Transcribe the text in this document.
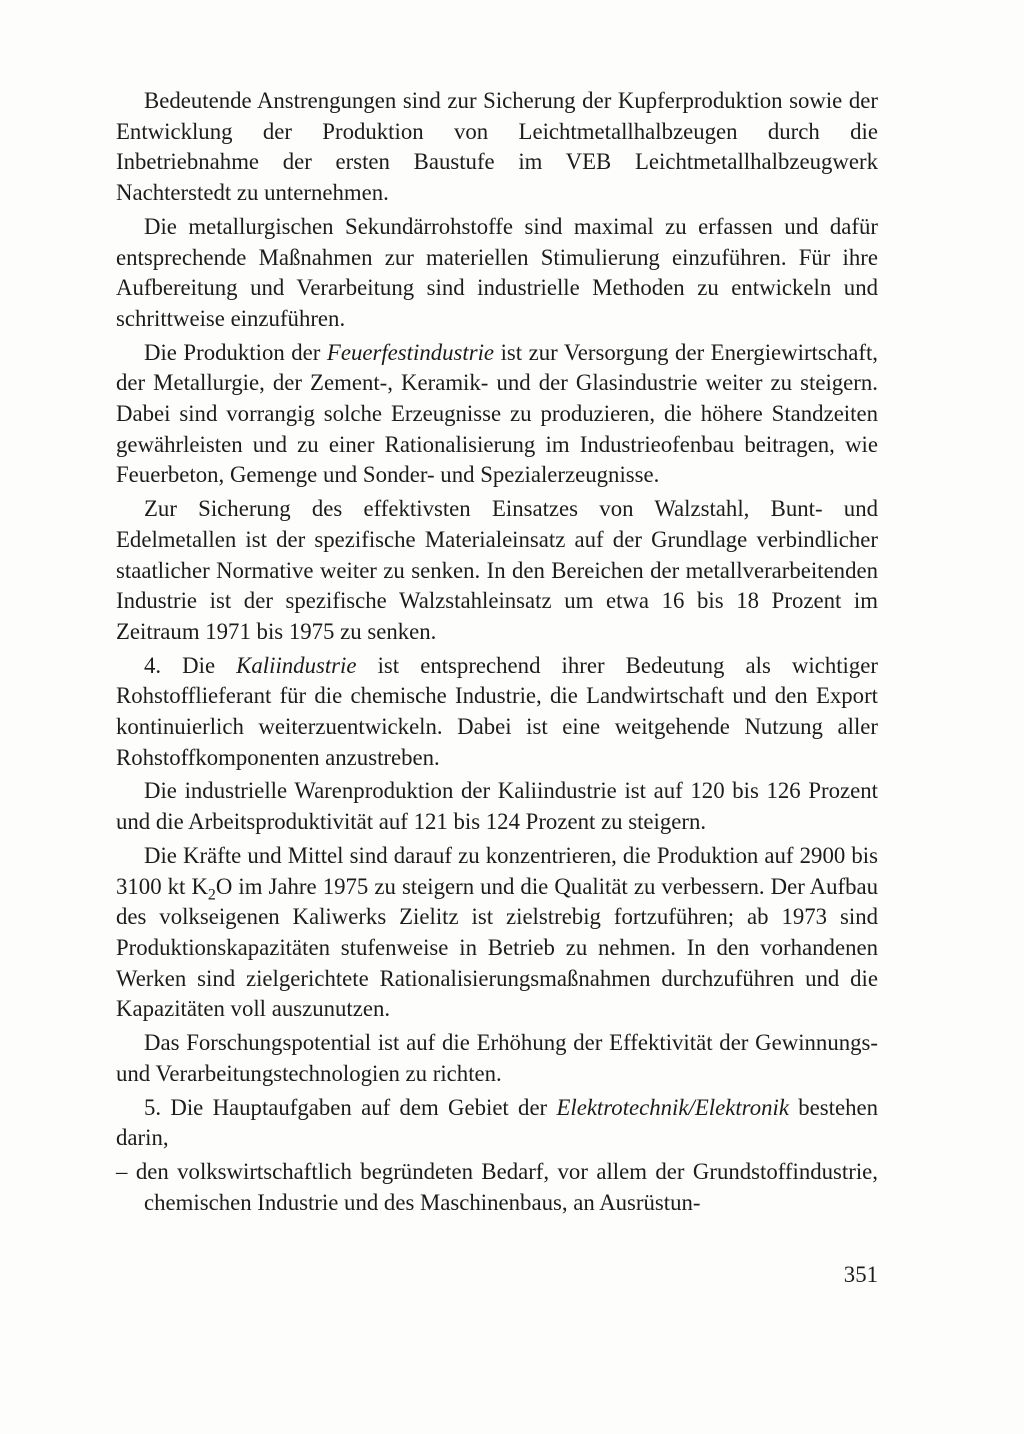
Bedeutende Anstrengungen sind zur Sicherung der Kupferproduktion sowie der Entwicklung der Produktion von Leichtmetallhalbzeugen durch die Inbetriebnahme der ersten Baustufe im VEB Leichtmetallhalbzeugwerk Nachterstedt zu unternehmen.

Die metallurgischen Sekundärrohstoffe sind maximal zu erfassen und dafür entsprechende Maßnahmen zur materiellen Stimulierung einzuführen. Für ihre Aufbereitung und Verarbeitung sind industrielle Methoden zu entwickeln und schrittweise einzuführen.

Die Produktion der Feuerfestindustrie ist zur Versorgung der Energiewirtschaft, der Metallurgie, der Zement-, Keramik- und der Glasindustrie weiter zu steigern. Dabei sind vorrangig solche Erzeugnisse zu produzieren, die höhere Standzeiten gewährleisten und zu einer Rationalisierung im Industrieofenbau beitragen, wie Feuerbeton, Gemenge und Sonder- und Spezialerzeugnisse.

Zur Sicherung des effektivsten Einsatzes von Walzstahl, Bunt- und Edelmetallen ist der spezifische Materialeinsatz auf der Grundlage verbindlicher staatlicher Normative weiter zu senken. In den Bereichen der metallverarbeitenden Industrie ist der spezifische Walzstahleinsatz um etwa 16 bis 18 Prozent im Zeitraum 1971 bis 1975 zu senken.

4. Die Kaliindustrie ist entsprechend ihrer Bedeutung als wichtiger Rohstofflieferant für die chemische Industrie, die Landwirtschaft und den Export kontinuierlich weiterzuentwickeln. Dabei ist eine weitgehende Nutzung aller Rohstoffkomponenten anzustreben.

Die industrielle Warenproduktion der Kaliindustrie ist auf 120 bis 126 Prozent und die Arbeitsproduktivität auf 121 bis 124 Prozent zu steigern.

Die Kräfte und Mittel sind darauf zu konzentrieren, die Produktion auf 2900 bis 3100 kt $K_2O$ im Jahre 1975 zu steigern und die Qualität zu verbessern. Der Aufbau des volkseigenen Kaliwerks Zielitz ist zielstrebig fortzuführen; ab 1973 sind Produktionskapazitäten stufenweise in Betrieb zu nehmen. In den vorhandenen Werken sind zielgerichtete Rationalisierungsmaßnahmen durchzuführen und die Kapazitäten voll auszunutzen.

Das Forschungspotential ist auf die Erhöhung der Effektivität der Gewinnungs- und Verarbeitungstechnologien zu richten.

5. Die Hauptaufgaben auf dem Gebiet der Elektrotechnik/Elektronik bestehen darin,

– den volkswirtschaftlich begründeten Bedarf, vor allem der Grundstoffindustrie, chemischen Industrie und des Maschinenbaus, an Ausrüstun-

351
